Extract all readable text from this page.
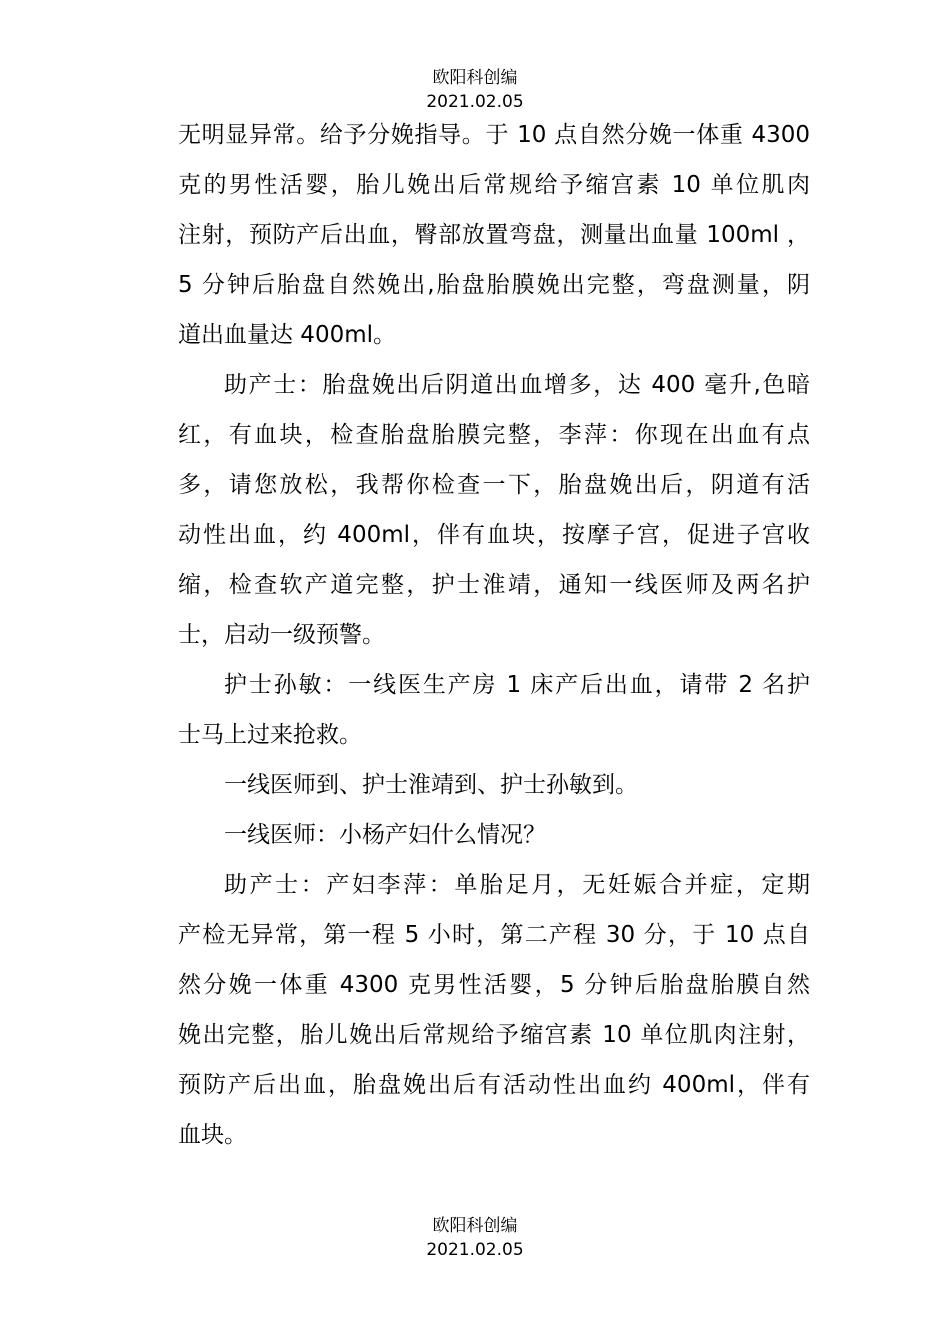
欧阳科创编
2021.02.05
无明显异常。给予分娩指导。于 10 点自然分娩一体重 4300
克的男性活婴，胎儿娩出后常规给予缩宫素 10 单位肌肉
注射，预防产后出血，臀部放置弯盘，测量出血量 100ml ，
5 分钟后胎盘自然娩出,胎盘胎膜娩出完整，弯盘测量，阴
道出血量达 400ml。
助产士：胎盘娩出后阴道出血增多，达 400 毫升,色暗
红，有血块，检查胎盘胎膜完整，李萍：你现在出血有点
多，请您放松，我帮你检查一下，胎盘娩出后，阴道有活
动性出血，约 400ml，伴有血块，按摩子宫，促进子宫收
缩，检查软产道完整，护士淮靖，通知一线医师及两名护
士，启动一级预警。
护士孙敏：一线医生产房 1 床产后出血，请带 2 名护
士马上过来抢救。
一线医师到、护士淮靖到、护士孙敏到。
一线医师：小杨产妇什么情况？
助产士：产妇李萍：单胎足月，无妊娠合并症，定期
产检无异常，第一程 5 小时，第二产程 30 分，于 10 点自
然分娩一体重 4300 克男性活婴，5 分钟后胎盘胎膜自然
娩出完整，胎儿娩出后常规给予缩宫素 10 单位肌肉注射，
预防产后出血，胎盘娩出后有活动性出血约 400ml，伴有
血块。
欧阳科创编
2021.02.05
